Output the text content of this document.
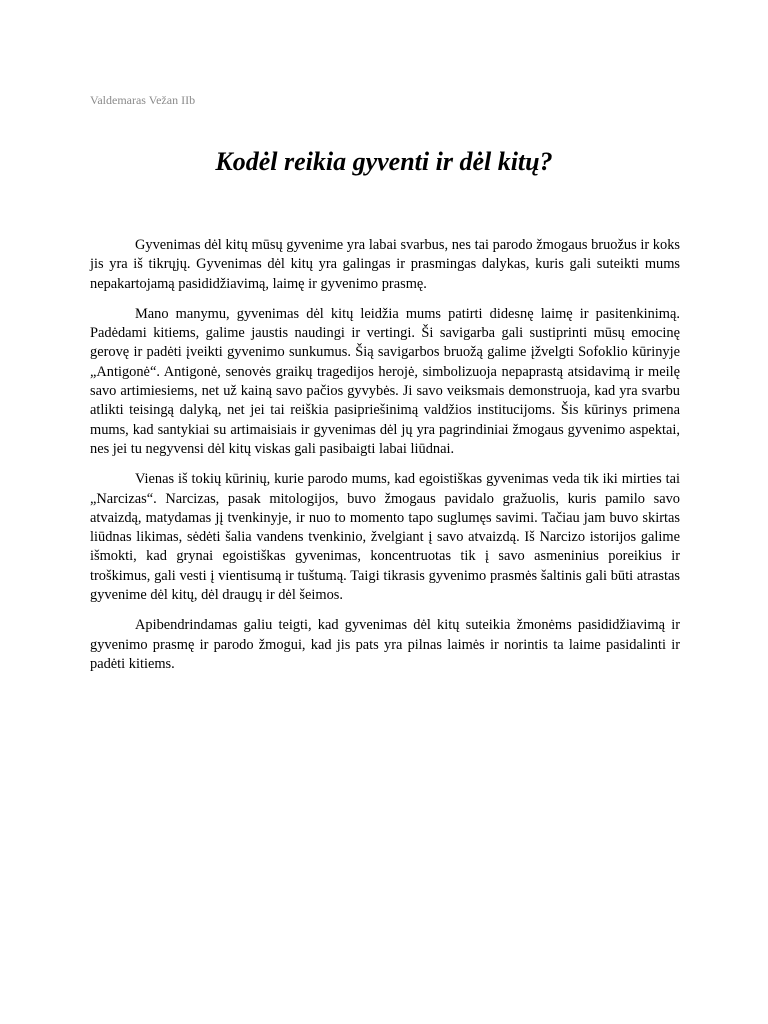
Valdemaras Vežan IIb
Kodėl reikia gyventi ir dėl kitų?

Gyvenimas dėl kitų mūsų gyvenime yra labai svarbus, nes tai parodo žmogaus bruožus ir koks jis yra iš tikrųjų. Gyvenimas dėl kitų yra galingas ir prasmingas dalykas, kuris gali suteikti mums nepakartojamą pasididžiavimą, laimę ir gyvenimo prasmę.

Mano manymu, gyvenimas dėl kitų leidžia mums patirti didesnę laimę ir pasitenkinimą. Padėdami kitiems, galime jaustis naudingi ir vertingi. Ši savigarba gali sustiprinti mūsų emocinę gerovę ir padėti įveikti gyvenimo sunkumus. Šią savigarbos bruožą galime įžvelgti Sofoklio kūrinyje „Antigonė“. Antigonė, senovės graikų tragedijos herojė, simbolizuoja nepaprastą atsidavimą ir meilę savo artimiesiems, net už kainą savo pačios gyvybės. Ji savo veiksmais demonstruoja, kad yra svarbu atlikti teisingą dalyką, net jei tai reiškia pasipriešinimą valdžios institucijoms. Šis kūrinys primena mums, kad santykiai su artimaisiais ir gyvenimas dėl jų yra pagrindiniai žmogaus gyvenimo aspektai, nes jei tu negyvensi dėl kitų viskas gali pasibaigti labai liūdnai.

Vienas iš tokių kūrinių, kurie parodo mums, kad egoistiškas gyvenimas veda tik iki mirties tai „Narcizas“. Narcizas, pasak mitologijos, buvo žmogaus pavidalo gražuolis, kuris pamilo savo atvaizdą, matydamas jį tvenkinyje, ir nuo to momento tapo suglumęs savimi. Tačiau jam buvo skirtas liūdnas likimas, sėdėti šalia vandens tvenkinio, žvelgiant į savo atvaizdą. Iš Narcizo istorijos galime išmokti, kad grynai egoistiškas gyvenimas, koncentruotas tik į savo asmeninius poreikius ir troškimus, gali vesti į vientisumą ir tuštumą. Taigi tikrasis gyvenimo prasmės šaltinis gali būti atrastas gyvenime dėl kitų, dėl draugų ir dėl šeimos.

Apibendrindamas galiu teigti, kad gyvenimas dėl kitų suteikia žmonėms pasididžiavimą ir gyvenimo prasmę ir parodo žmogui, kad jis pats yra pilnas laimės ir norintis ta laime pasidalinti ir padėti kitiems.
